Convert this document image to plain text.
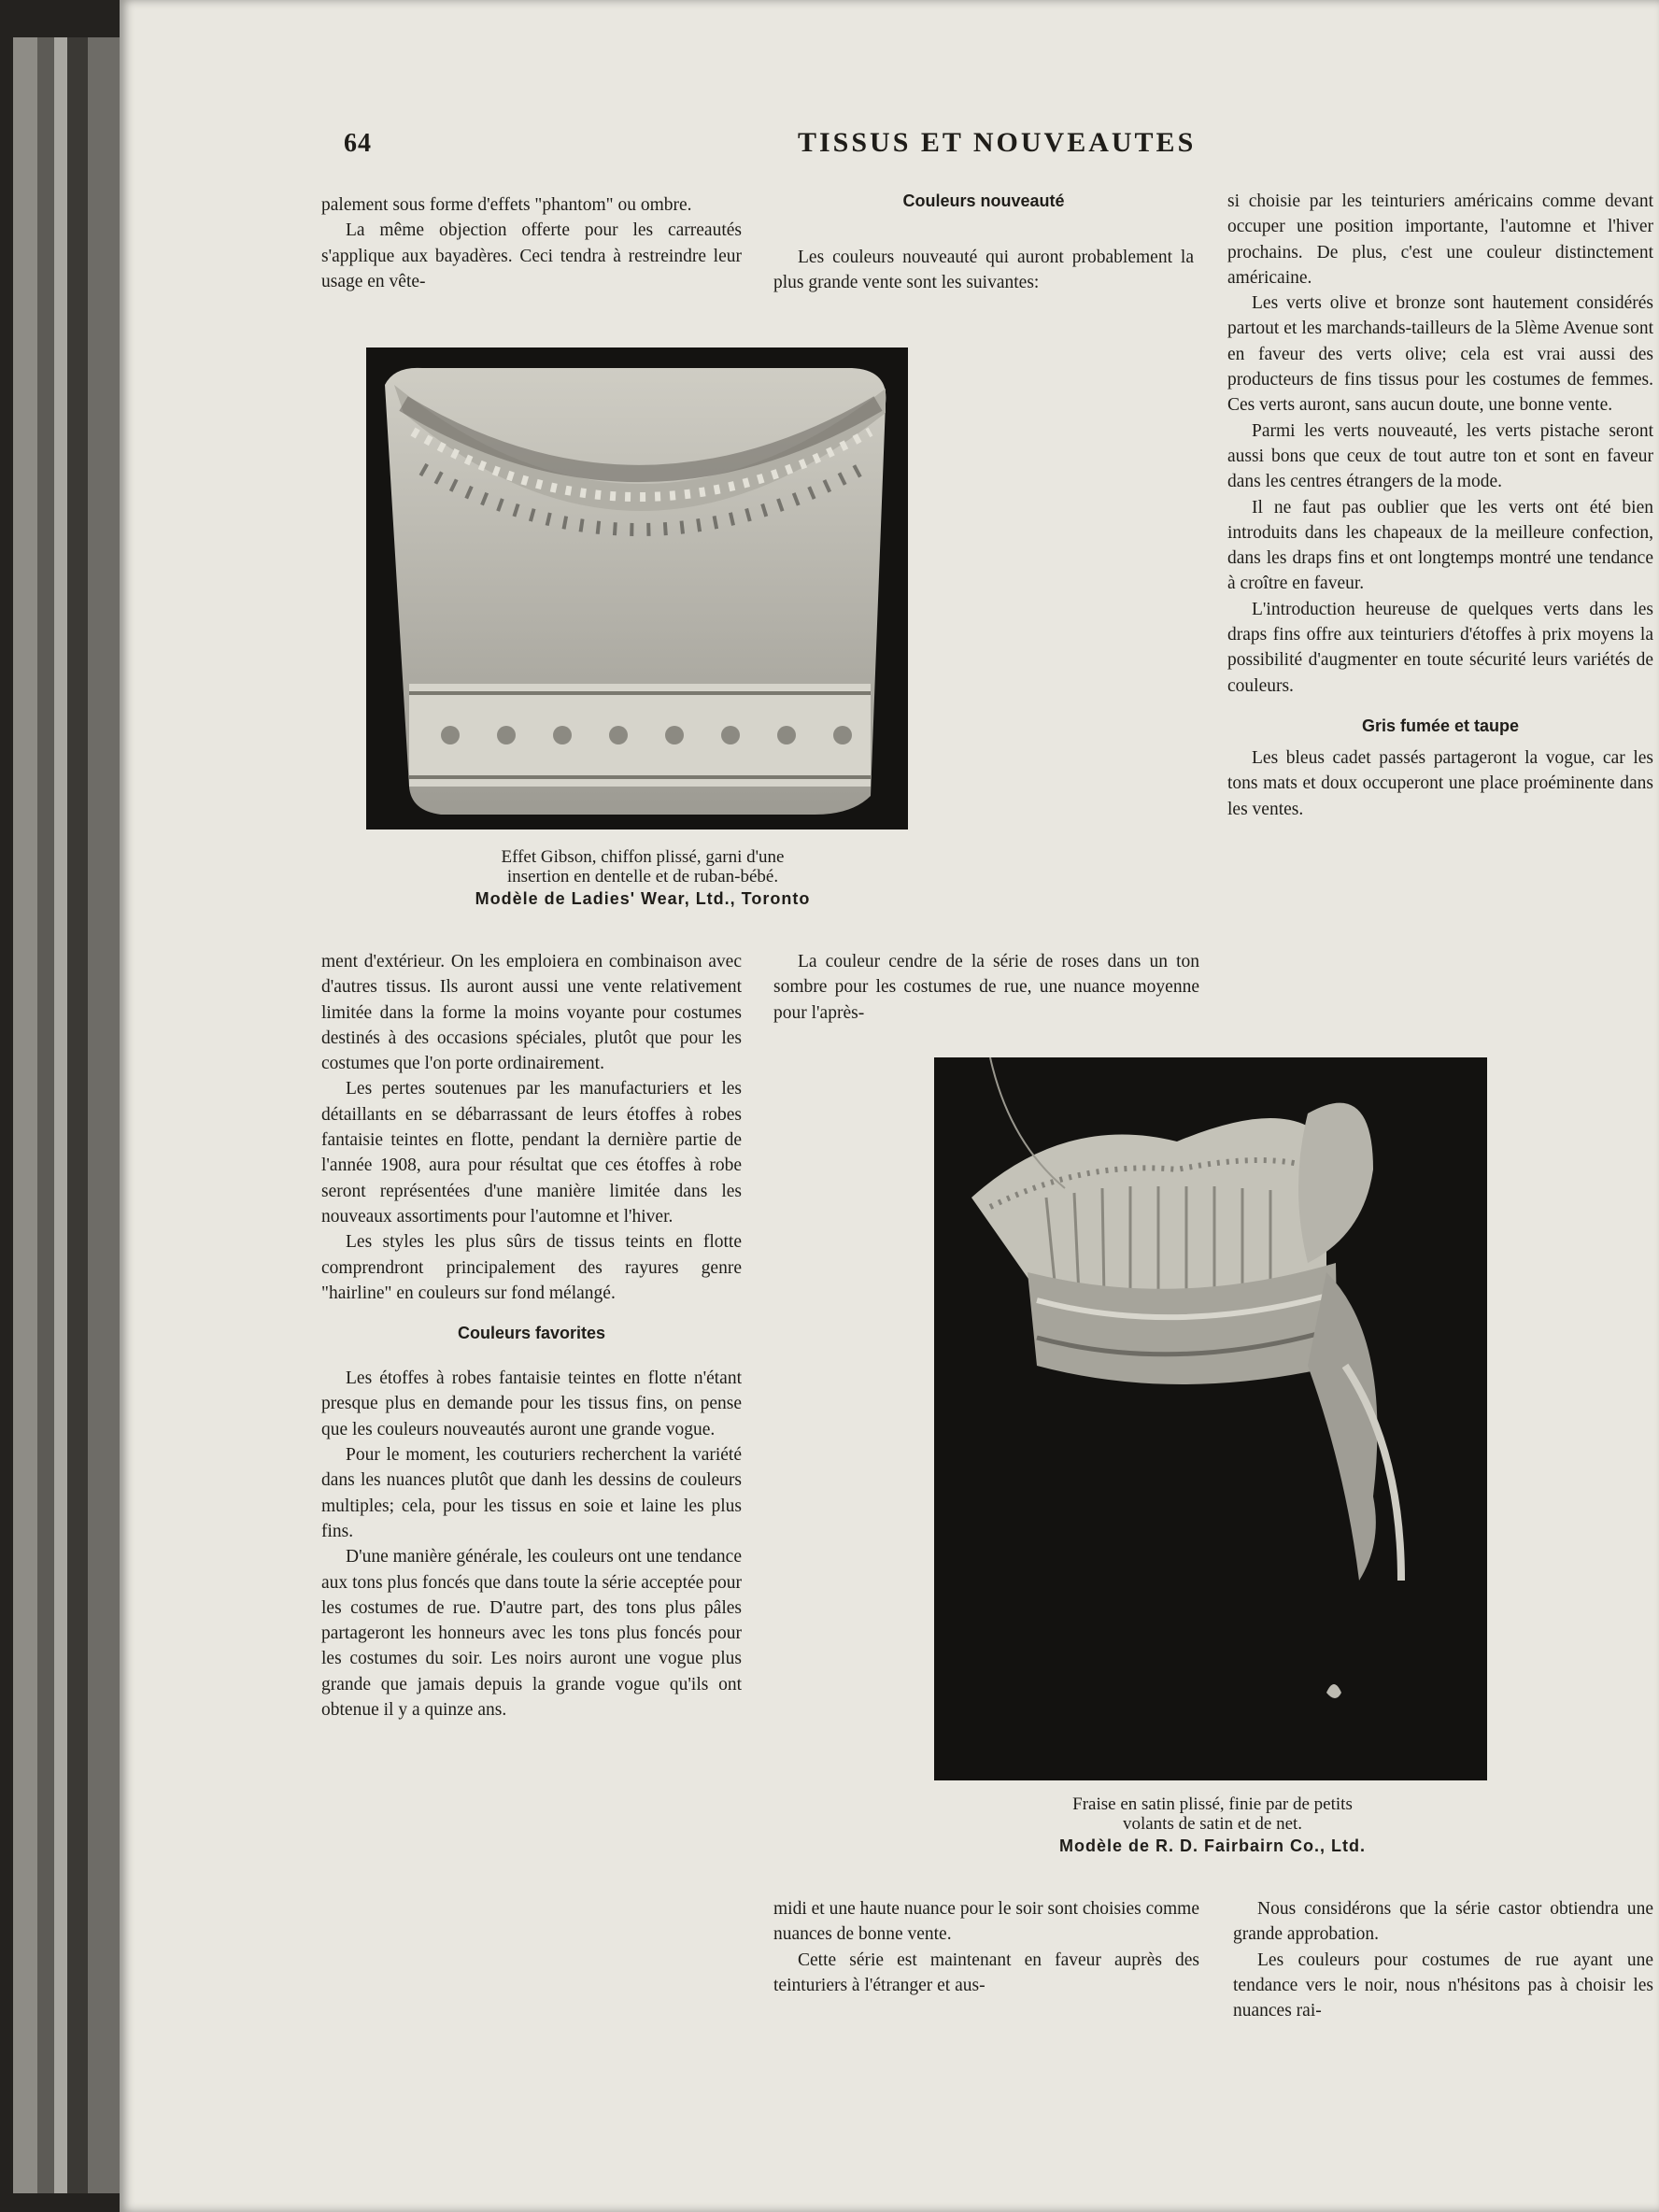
64	TISSUS ET NOUVEAUTES

palement sous forme d'effets "phantom" ou ombre.

La même objection offerte pour les carreautés s'applique aux bayadères. Ceci tendra à restreindre leur usage en vête-

Couleurs nouveauté

Les couleurs nouveauté qui auront probablement la plus grande vente sont les suivantes:

si choisie par les teinturiers américains comme devant occuper une position importante, l'automne et l'hiver prochains. De plus, c'est une couleur distinctement américaine.

Les verts olive et bronze sont hautement considérés partout et les marchands-tailleurs de la 5lème Avenue sont en faveur des verts olive; cela est vrai aussi des producteurs de fins tissus pour les costumes de femmes. Ces verts auront, sans aucun doute, une bonne vente.

Parmi les verts nouveauté, les verts pistache seront aussi bons que ceux de tout autre ton et sont en faveur dans les centres étrangers de la mode.

Il ne faut pas oublier que les verts ont été bien introduits dans les chapeaux de la meilleure confection, dans les draps fins et ont longtemps montré une tendance à croître en faveur.

L'introduction heureuse de quelques verts dans les draps fins offre aux teinturiers d'étoffes à prix moyens la possibilité d'augmenter en toute sécurité leurs variétés de couleurs.

Gris fumée et taupe

Les bleus cadet passés partageront la vogue, car les tons mats et doux occuperont une place proéminente dans les ventes.

Effet Gibson, chiffon plissé, garni d'une
insertion en dentelle et de ruban-bébé.
Modèle de Ladies' Wear, Ltd., Toronto

ment d'extérieur. On les emploiera en combinaison avec d'autres tissus. Ils auront aussi une vente relativement limitée dans la forme la moins voyante pour costumes destinés à des occasions spéciales, plutôt que pour les costumes que l'on porte ordinairement.

Les pertes soutenues par les manufacturiers et les détaillants en se débarrassant de leurs étoffes à robes fantaisie teintes en flotte, pendant la dernière partie de l'année 1908, aura pour résultat que ces étoffes à robe seront représentées d'une manière limitée dans les nouveaux assortiments pour l'automne et l'hiver.

Les styles les plus sûrs de tissus teints en flotte comprendront principalement des rayures genre "hairline" en couleurs sur fond mélangé.

Couleurs favorites

Les étoffes à robes fantaisie teintes en flotte n'étant presque plus en demande pour les tissus fins, on pense que les couleurs nouveautés auront une grande vogue.

Pour le moment, les couturiers recherchent la variété dans les nuances plutôt que danh les dessins de couleurs multiples; cela, pour les tissus en soie et laine les plus fins.

D'une manière générale, les couleurs ont une tendance aux tons plus foncés que dans toute la série acceptée pour les costumes de rue. D'autre part, des tons plus pâles partageront les honneurs avec les tons plus foncés pour les costumes du soir. Les noirs auront une vogue plus grande que jamais depuis la grande vogue qu'ils ont obtenue il y a quinze ans.

La couleur cendre de la série de roses dans un ton sombre pour les costumes de rue, une nuance moyenne pour l'après-

Fraise en satin plissé, finie par de petits
volants de satin et de net.
Modèle de R. D. Fairbairn Co., Ltd.

midi et une haute nuance pour le soir sont choisies comme nuances de bonne vente.

Cette série est maintenant en faveur auprès des teinturiers à l'étranger et aus-

Nous considérons que la série castor obtiendra une grande approbation.

Les couleurs pour costumes de rue ayant une tendance vers le noir, nous n'hésitons pas à choisir les nuances rai-
